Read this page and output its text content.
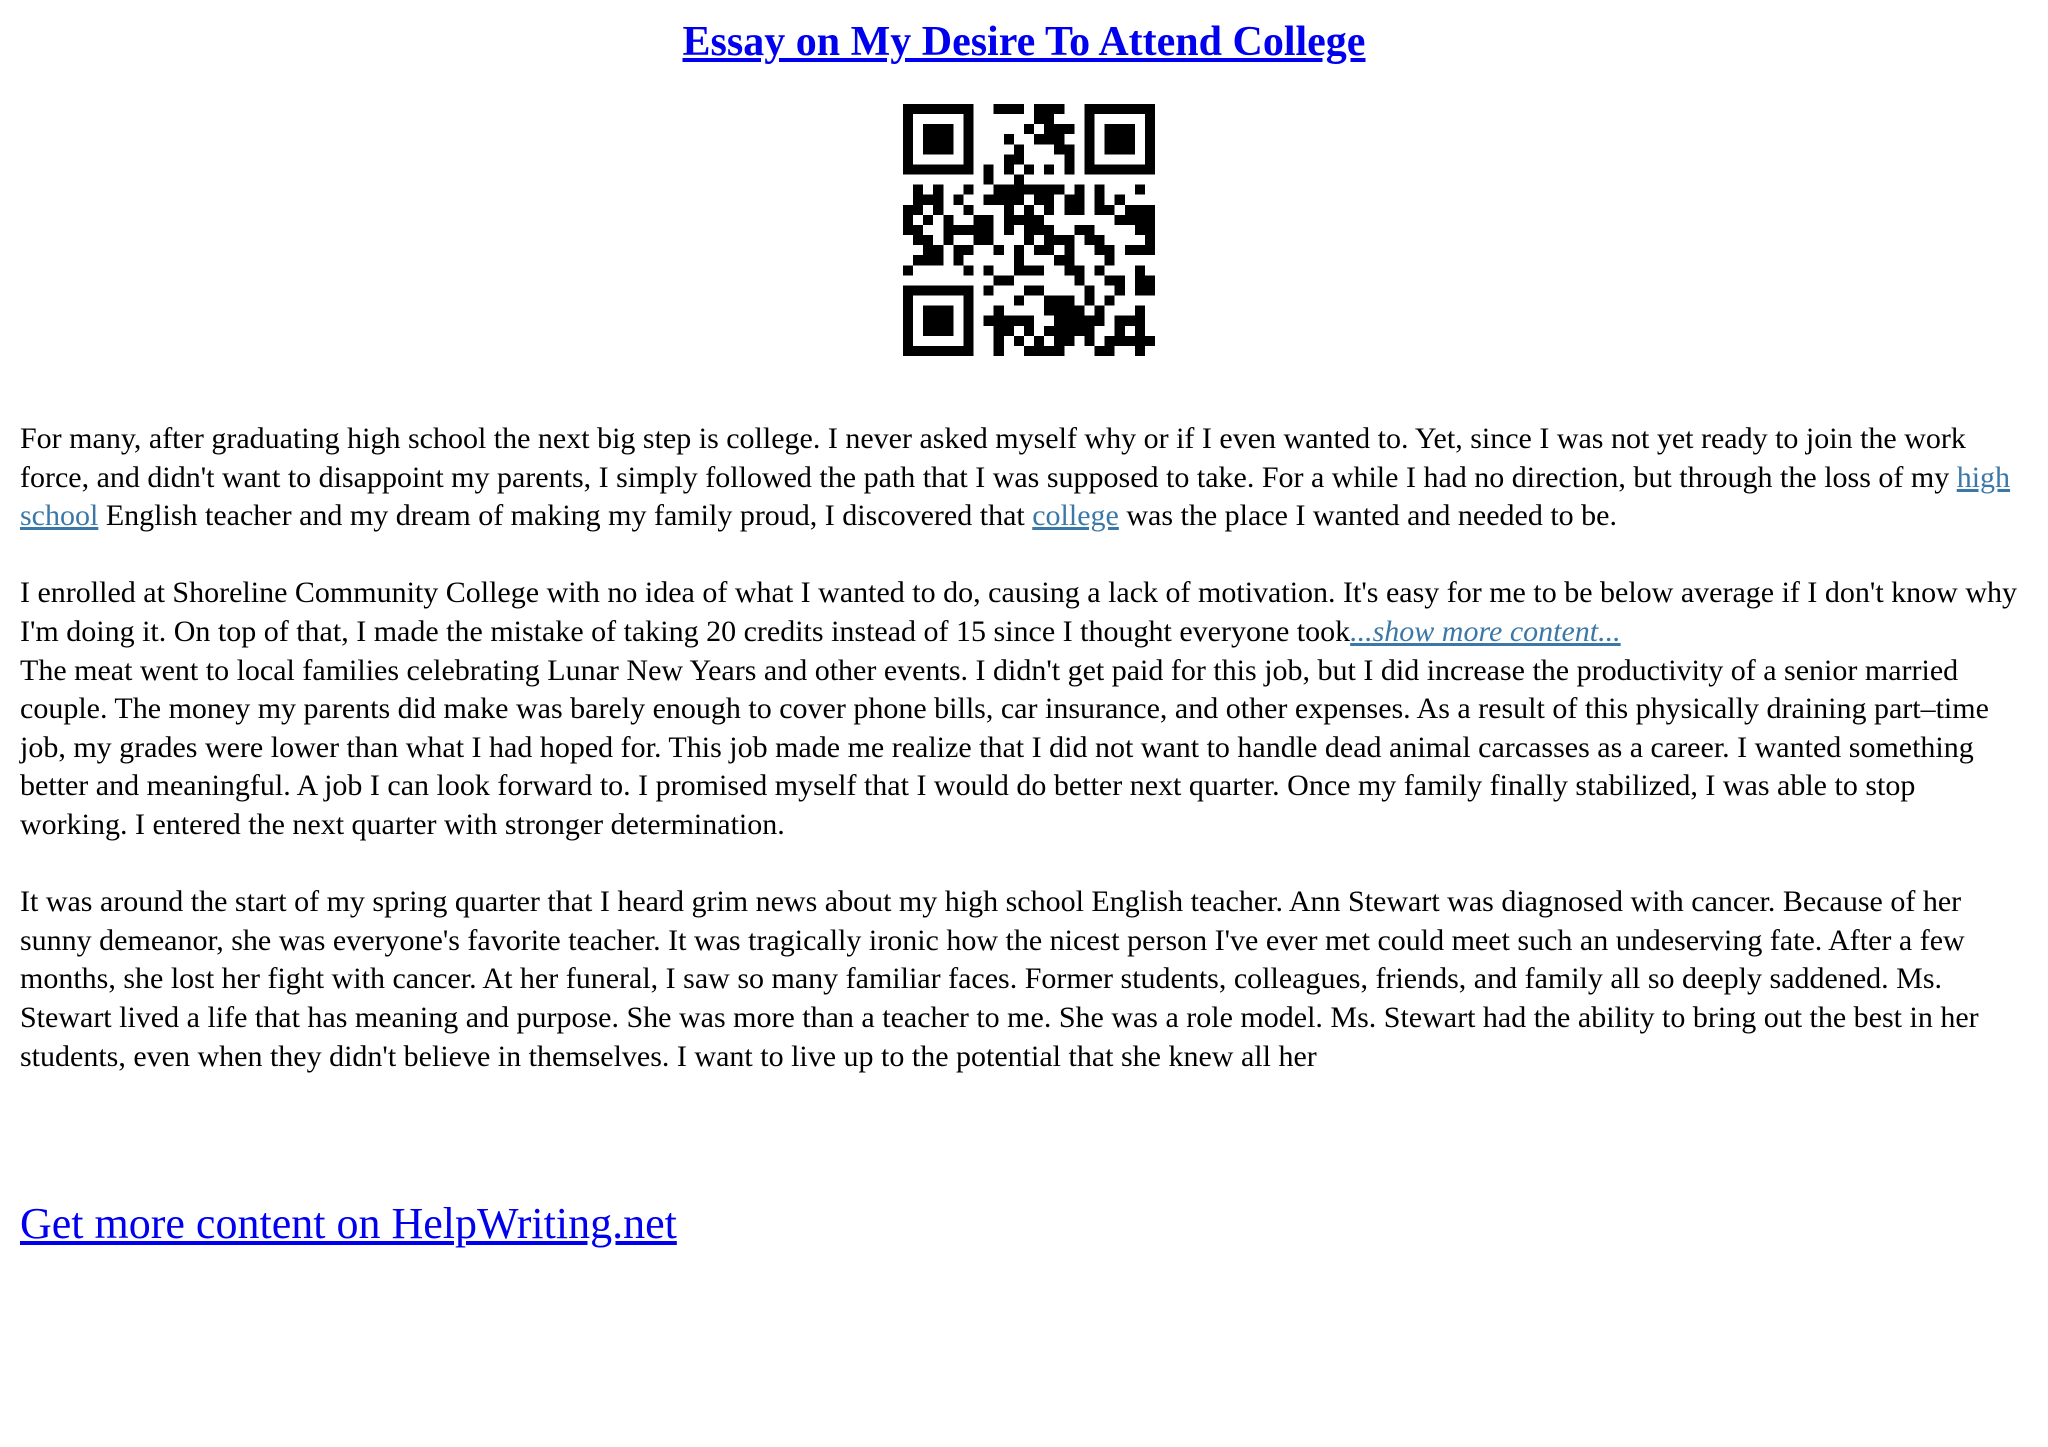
Essay on My Desire To Attend College

For many, after graduating high school the next big step is college. I never asked myself why or if I even wanted to. Yet, since I was not yet ready to join the work force, and didn't want to disappoint my parents, I simply followed the path that I was supposed to take. For a while I had no direction, but through the loss of my high school English teacher and my dream of making my family proud, I discovered that college was the place I wanted and needed to be.

I enrolled at Shoreline Community College with no idea of what I wanted to do, causing a lack of motivation. It's easy for me to be below average if I don't know why I'm doing it. On top of that, I made the mistake of taking 20 credits instead of 15 since I thought everyone took...show more content...
The meat went to local families celebrating Lunar New Years and other events. I didn't get paid for this job, but I did increase the productivity of a senior married couple. The money my parents did make was barely enough to cover phone bills, car insurance, and other expenses. As a result of this physically draining part–time job, my grades were lower than what I had hoped for. This job made me realize that I did not want to handle dead animal carcasses as a career. I wanted something better and meaningful. A job I can look forward to. I promised myself that I would do better next quarter. Once my family finally stabilized, I was able to stop working. I entered the next quarter with stronger determination.

It was around the start of my spring quarter that I heard grim news about my high school English teacher. Ann Stewart was diagnosed with cancer. Because of her sunny demeanor, she was everyone's favorite teacher. It was tragically ironic how the nicest person I've ever met could meet such an undeserving fate. After a few months, she lost her fight with cancer. At her funeral, I saw so many familiar faces. Former students, colleagues, friends, and family all so deeply saddened. Ms. Stewart lived a life that has meaning and purpose. She was more than a teacher to me. She was a role model. Ms. Stewart had the ability to bring out the best in her students, even when they didn't believe in themselves. I want to live up to the potential that she knew all her

Get more content on HelpWriting.net
